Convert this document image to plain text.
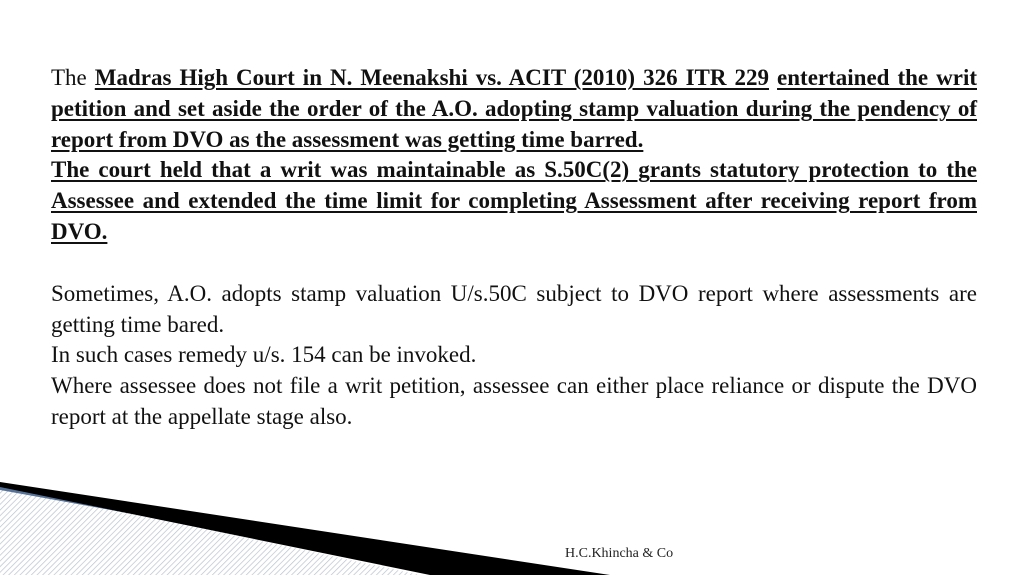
The Madras High Court in N. Meenakshi vs. ACIT (2010) 326 ITR 229 entertained the writ petition and set aside the order of the A.O. adopting stamp valuation during the pendency of report from DVO as the assessment was getting time barred.

The court held that a writ was maintainable as S.50C(2) grants statutory protection to the Assessee and extended the time limit for completing Assessment after receiving report from DVO.

Sometimes, A.O. adopts stamp valuation U/s.50C subject to DVO report where assessments are getting time bared.

In such cases remedy u/s. 154 can be invoked.

Where assessee does not file a writ petition, assessee can either place reliance or dispute the DVO report at the appellate stage also.

H.C.Khincha & Co
